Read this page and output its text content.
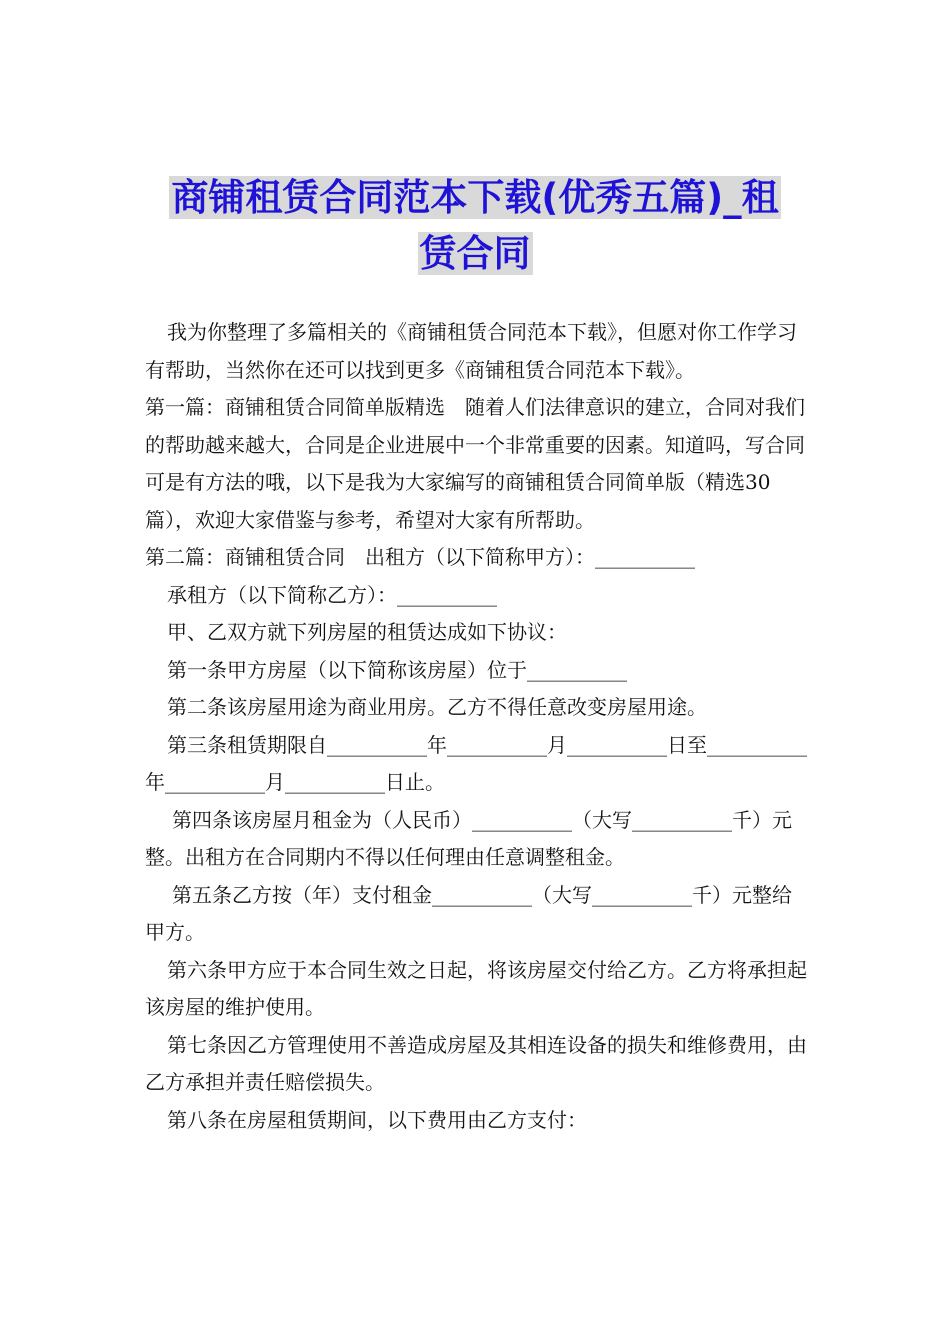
商铺租赁合同范本下载(优秀五篇)_租
赁合同

我为你整理了多篇相关的《商铺租赁合同范本下载》，但愿对你工作学习有帮助，当然你在还可以找到更多《商铺租赁合同范本下载》。

第一篇：商铺租赁合同简单版精选　随着人们法律意识的建立，合同对我们的帮助越来越大，合同是企业进展中一个非常重要的因素。知道吗，写合同可是有方法的哦，以下是我为大家编写的商铺租赁合同简单版（精选30篇），欢迎大家借鉴与参考，希望对大家有所帮助。

第二篇：商铺租赁合同　出租方（以下简称甲方）：__________

承租方（以下简称乙方）：__________

甲、乙双方就下列房屋的租赁达成如下协议：

第一条甲方房屋（以下简称该房屋）位于__________

第二条该房屋用途为商业用房。乙方不得任意改变房屋用途。

第三条租赁期限自__________年__________月__________日至__________年__________月__________日止。

第四条该房屋月租金为（人民币）__________（大写__________千）元整。出租方在合同期内不得以任何理由任意调整租金。

第五条乙方按（年）支付租金__________（大写__________千）元整给甲方。

第六条甲方应于本合同生效之日起，将该房屋交付给乙方。乙方将承担起该房屋的维护使用。

第七条因乙方管理使用不善造成房屋及其相连设备的损失和维修费用，由乙方承担并责任赔偿损失。

第八条在房屋租赁期间，以下费用由乙方支付：
